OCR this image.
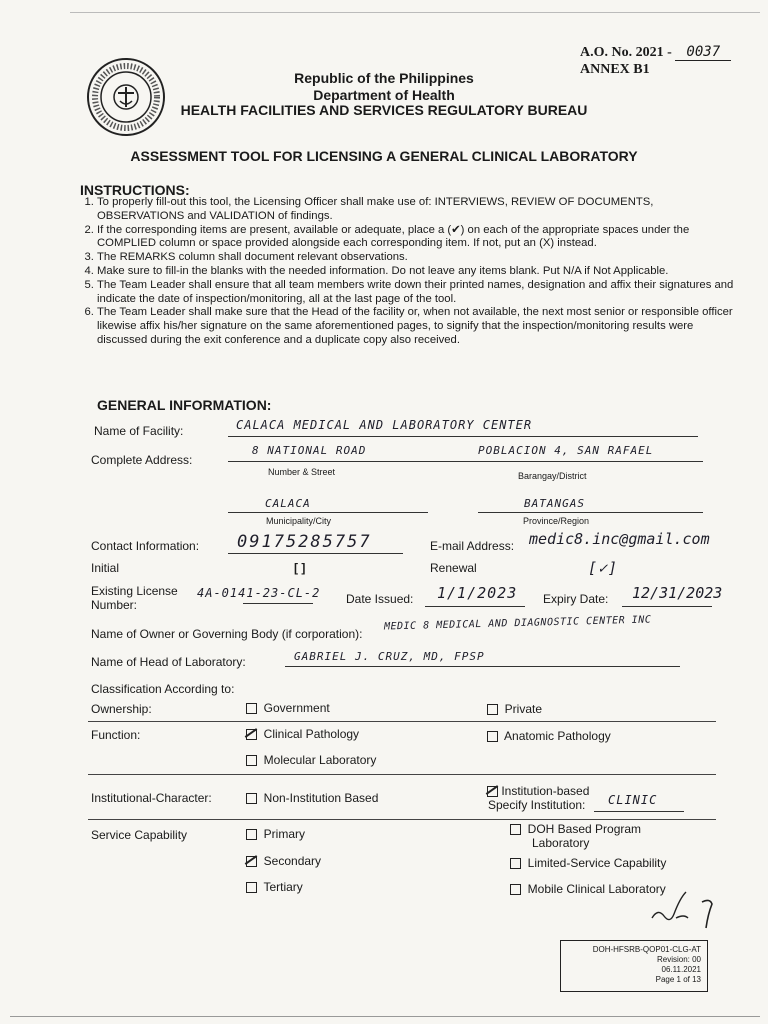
A.O. No. 2021 - 0037
ANNEX B1
Republic of the Philippines
Department of Health
HEALTH FACILITIES AND SERVICES REGULATORY BUREAU
ASSESSMENT TOOL FOR LICENSING A GENERAL CLINICAL LABORATORY
INSTRUCTIONS:
1. To properly fill-out this tool, the Licensing Officer shall make use of: INTERVIEWS, REVIEW OF DOCUMENTS, OBSERVATIONS and VALIDATION of findings.
2. If the corresponding items are present, available or adequate, place a (✔) on each of the appropriate spaces under the COMPLIED column or space provided alongside each corresponding item. If not, put an (X) instead.
3. The REMARKS column shall document relevant observations.
4. Make sure to fill-in the blanks with the needed information. Do not leave any items blank. Put N/A if Not Applicable.
5. The Team Leader shall ensure that all team members write down their printed names, designation and affix their signatures and indicate the date of inspection/monitoring, all at the last page of the tool.
6. The Team Leader shall make sure that the Head of the facility or, when not available, the next most senior or responsible officer likewise affix his/her signature on the same aforementioned pages, to signify that the inspection/monitoring results were discussed during the exit conference and a duplicate copy also received.
GENERAL INFORMATION:
Name of Facility:	CALACA MEDICAL AND LABORATORY CENTER
Complete Address:
8 NATIONAL ROAD	POBLACION 4, SAN RAFAEL
Number & Street	Barangay/District
CALACA	BATANGAS
Municipality/City	Province/Region
Contact Information: 09175285757	E-mail Address: medic8.inc@gmail.com
Initial	[ ]	Renewal	[✓]
Existing License
Number:
4A-0141-23-CL-2 Date Issued: 1/1/2023 Expiry Date: 12/31/2023
Name of Owner or Governing Body (if corporation):
MEDIC 8 MEDICAL AND DIAGNOSTIC CENTER INC
Name of Head of Laboratory:	GABRIEL J. CRUZ, MD, FPSP
Classification According to:
Ownership:	Government	Private
Function:	Clinical Pathology	Anatomic Pathology
Molecular Laboratory
Institutional-Character:	Non-Institution Based	Institution-based
Specify Institution: CLINIC
Service Capability	Primary
Secondary
Tertiary
DOH Based Program
Laboratory
Limited-Service Capability
Mobile Clinical Laboratory
DOH-HFSRB-QOP01-CLG-AT
Revision: 00
06.11.2021
Page 1 of 13
